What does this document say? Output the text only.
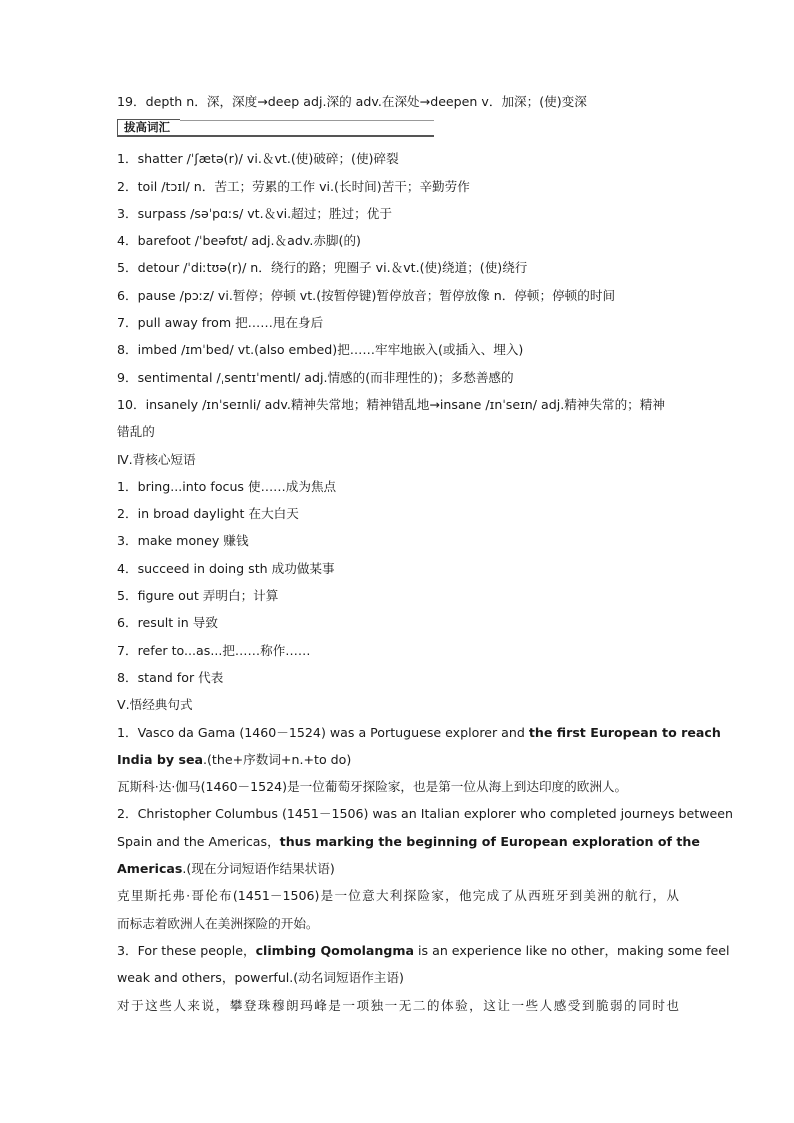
19．depth n．深，深度→deep adj.深的 adv.在深处→deepen v．加深；(使)变深
拔高词汇
1．shatter /ˈʃætə(r)/ vi.＆vt.(使)破碎；(使)碎裂
2．toil /tɔɪl/ n．苦工；劳累的工作 vi.(长时间)苦干；辛勤劳作
3．surpass /səˈpɑːs/ vt.＆vi.超过；胜过；优于
4．barefoot /ˈbeəfʊt/ adj.＆adv.赤脚(的)
5．detour /ˈdiːtʊə(r)/ n．绕行的路；兜圈子 vi.＆vt.(使)绕道；(使)绕行
6．pause /pɔːz/ vi.暂停；停顿 vt.(按暂停键)暂停放音；暂停放像 n．停顿；停顿的时间
7．pull away from 把……甩在身后
8．imbed /ɪmˈbed/ vt.(also embed)把……牢牢地嵌入(或插入、埋入)
9．sentimental /ˌsentɪˈmentl/ adj.情感的(而非理性的)；多愁善感的
10．insanely /ɪnˈseɪnli/ adv.精神失常地；精神错乱地→insane /ɪnˈseɪn/ adj.精神失常的；精神
错乱的
Ⅳ.背核心短语
1．bring...into focus 使……成为焦点
2．in broad daylight 在大白天
3．make money 赚钱
4．succeed in doing sth 成功做某事
5．figure out 弄明白；计算
6．result in 导致
7．refer to...as...把……称作……
8．stand for 代表
Ⅴ.悟经典句式
1．Vasco da Gama (1460－1524) was a Portuguese explorer and the first European to reach
India by sea.(the+序数词+n.+to do)
瓦斯科·达·伽马(1460－1524)是一位葡萄牙探险家，也是第一位从海上到达印度的欧洲人。
2．Christopher Columbus (1451－1506) was an Italian explorer who completed journeys between
Spain and the Americas，thus marking the beginning of European exploration of the
Americas.(现在分词短语作结果状语)
克里斯托弗·哥伦布(1451－1506)是一位意大利探险家，他完成了从西班牙到美洲的航行，从
而标志着欧洲人在美洲探险的开始。
3．For these people，climbing Qomolangma is an experience like no other，making some feel
weak and others，powerful.(动名词短语作主语)
对于这些人来说，攀登珠穆朗玛峰是一项独一无二的体验，这让一些人感受到脆弱的同时也
